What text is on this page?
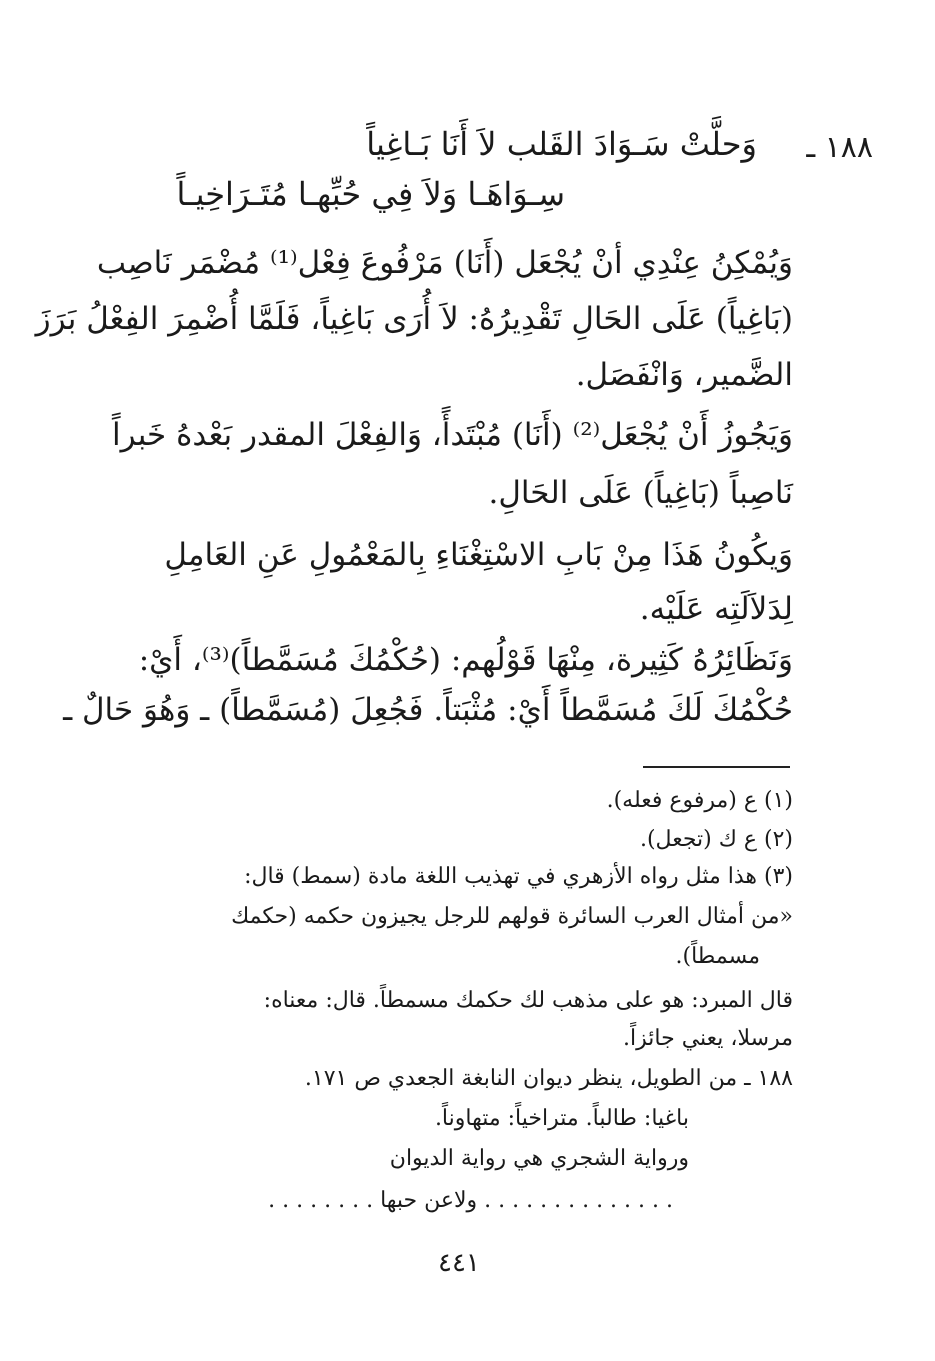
١٨٨ ـ

وَحلَّتْ سَـوَادَ القَلب لاَ أَنَا بَـاغِياً

سِـوَاهَـا وَلاَ فِي حُبِّهـا مُتَـرَاخِيـاً

وَيُمْكِنُ عِنْدِي أنْ يُجْعَل (أَنَا) مَرْفُوعَ فِعْل⁽¹⁾ مُضْمَر نَاصِب

(بَاغِياً) عَلَى الحَالِ تَقْدِيرُهُ: لاَ أُرَى بَاغِياً، فَلَمَّا أُضْمِرَ الفِعْلُ بَرَزَ

الضَّمير، وَانْفَصَل.

وَيَجُوزُ أَنْ يُجْعَل⁽²⁾ (أَنَا) مُبْتَدأً، وَالفِعْلَ المقدر بَعْدهُ خَبراً

نَاصِباً (بَاغِياً) عَلَى الحَالِ.

وَيكُونُ هَذَا مِنْ بَابِ الاسْتِغْنَاءِ بِالمَعْمُولِ عَنِ العَامِلِ

لِدَلاَلَتِه عَلَيْه.

وَنَظَائِرُهُ كَثِيرة، مِنْهَا قَوْلُهم: (حُكْمُكَ مُسَمَّطاً)⁽³⁾، أَيْ:

حُكْمُكَ لَكَ مُسَمَّطاً أَيْ: مُثْبَتاً. فَجُعِلَ (مُسَمَّطاً) ـ وَهُوَ حَالٌ ـ

(١) ع (مرفوع فعله).

(٢) ع ك (تجعل).

(٣) هذا مثل رواه الأزهري في تهذيب اللغة مادة (سمط) قال:

«من أمثال العرب السائرة قولهم للرجل يجيزون حكمه (حكمك

مسمطاً).

قال المبرد: هو على مذهب لك حكمك مسمطاً. قال: معناه:

مرسلا، يعني جائزاً.

١٨٨ ـ من الطويل، ينظر ديوان النابغة الجعدي ص ١٧١.

باغيا: طالباً. متراخياً: متهاوناً.

ورواية الشجري هي رواية الديوان

. . . . . . . . . . . . . . ولاعن حبها . . . . . . . .

٤٤١
